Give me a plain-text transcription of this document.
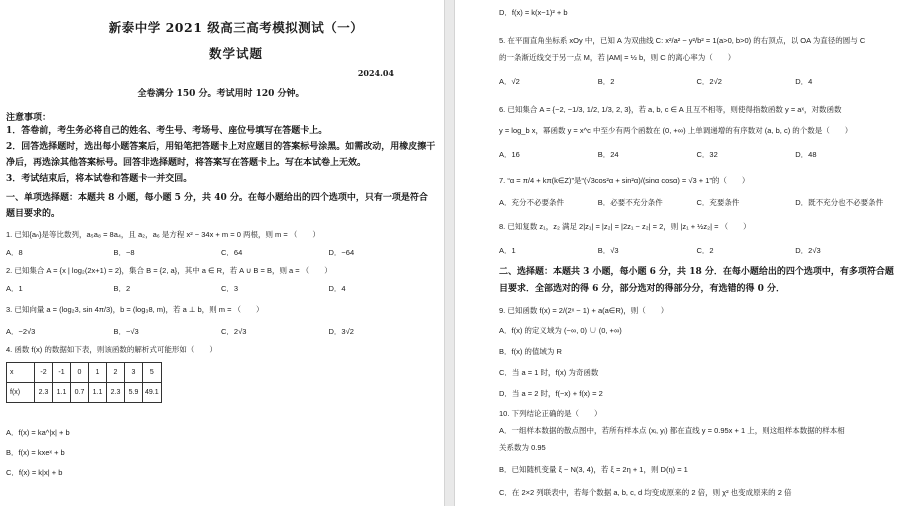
新泰中学 2021 级高三高考模拟测试（一）
数学试题
2024.04
全卷满分 150 分。考试用时 120 分钟。
注意事项：
1．答卷前，考生务必将自己的姓名、考生号、考场号、座位号填写在答题卡上。
2．回答选择题时，选出每小题答案后，用铅笔把答题卡上对应题目的答案标号涂黑。如需改动，用橡皮擦干净后，再选涂其他答案标号。回答非选择题时，将答案写在答题卡上。写在本试卷上无效。
3．考试结束后，将本试卷和答题卡一并交回。
一、单项选择题：本题共 8 小题，每小题 5 分，共 40 分。在每小题给出的四个选项中，只有一项是符合题目要求的。
1. 已知{aₙ}是等比数列，a₅a₈ = 8a₄，且 a₂，a₆ 是方程 x² − 34x + m = 0 两根，则 m = （　　）
A．8	B．−8	C．64	D．−64
2. 已知集合 A = {x | log₂(2x+1) = 2}，集合 B = {2, a}，其中 a ∈ R，若 A ∪ B = B，则 a = （　　）
A．1	B．2	C．3	D．4
3. 已知向量 a = (log₂3, sin 4π/3)，b = (log₃8, m)，若 a ⊥ b，则 m = （　　）
A．−2√3	B．−√3	C．2√3	D．3√2
4. 函数 f(x) 的数据如下表，则该函数的解析式可能形如（　　）
x	-2	-1	0	1	2	3	5
f(x)	2.3	1.1	0.7	1.1	2.3	5.9	49.1
A．f(x) = ka^|x| + b
B．f(x) = kxeˣ + b
C．f(x) = k|x| + b
D．f(x) = k(x−1)² + b
5. 在平面直角坐标系 xOy 中，已知 A 为双曲线 C: x²/a² − y²/b² = 1(a>0, b>0) 的右顶点，以 OA 为直径的圆与 C
的一条渐近线交于另一点 M，若 |AM| = ½ b，则 C 的离心率为（　　）
A．√2	B．2	C．2√2	D．4
6. 已知集合 A = {−2, −1/3, 1/2, 1/3, 2, 3}，若 a, b, c ∈ A 且互不相等，则使得指数函数 y = aˣ，对数函数
y = log_b x，幂函数 y = x^c 中至少有两个函数在 (0, +∞) 上单调递增的有序数对 (a, b, c) 的个数是（　　）
A．16	B．24	C．32	D．48
7. “α = π/4 + kπ(k∈Z)”是“(√3cos²α + sin²α)/(sinα cosα) = √3 + 1”的（　　）
A．充分不必要条件	B．必要不充分条件	C．充要条件	D．既不充分也不必要条件
8. 已知复数 z₁，z₂ 满足 2|z₁| = |z₂| = |2z₁ − z₂| = 2，则 |z₁ + ½z₂| = （　　）
A．1	B．√3	C．2	D．2√3
二、选择题：本题共 3 小题，每小题 6 分，共 18 分．在每小题给出的四个选项中，有多项符合题目要求．全部选对的得 6 分，部分选对的得部分分，有选错的得 0 分．
9. 已知函数 f(x) = 2/(2ˣ − 1) + a(a∈R)，则（　　）
A．f(x) 的定义域为 (−∞, 0) ∪ (0, +∞)
B．f(x) 的值域为 R
C．当 a = 1 时，f(x) 为奇函数
D．当 a = 2 时，f(−x) + f(x) = 2
10. 下列结论正确的是（　　）
A．一组样本数据的散点图中，若所有样本点 (xᵢ, yᵢ) 都在直线 y = 0.95x + 1 上，则这组样本数据的样本相
关系数为 0.95
B．已知随机变量 ξ ~ N(3, 4)，若 ξ = 2η + 1，则 D(η) = 1
C．在 2×2 列联表中，若每个数据 a, b, c, d 均变成原来的 2 倍，则 χ² 也变成原来的 2 倍
